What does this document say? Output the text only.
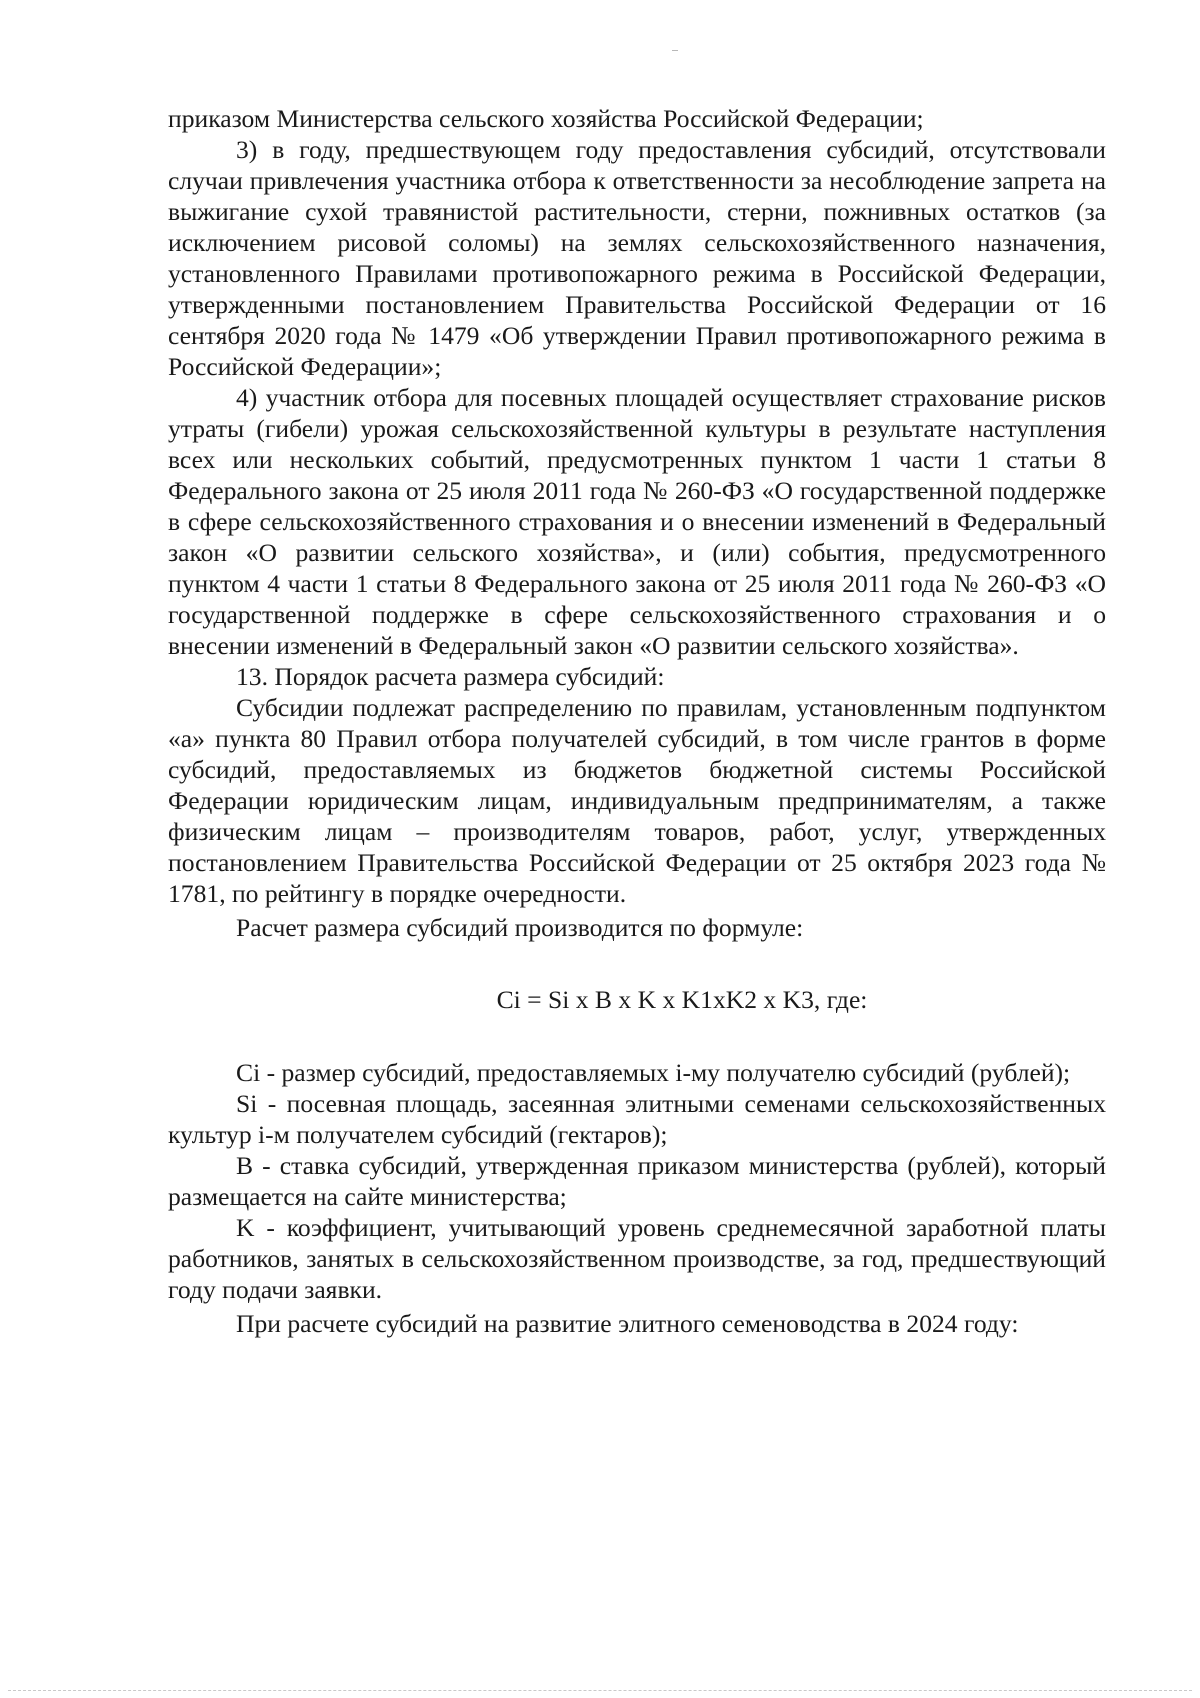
приказом Министерства сельского хозяйства Российской Федерации;

3) в году, предшествующем году предоставления субсидий, отсутствовали случаи привлечения участника отбора к ответственности за несоблюдение запрета на выжигание сухой травянистой растительности, стерни, пожнивных остатков (за исключением рисовой соломы) на землях сельскохозяйственного назначения, установленного Правилами противопожарного режима в Российской Федерации, утвержденными постановлением Правительства Российской Федерации от 16 сентября 2020 года № 1479 «Об утверждении Правил противопожарного режима в Российской Федерации»;

4) участник отбора для посевных площадей осуществляет страхование рисков утраты (гибели) урожая сельскохозяйственной культуры в результате наступления всех или нескольких событий, предусмотренных пунктом 1 части 1 статьи 8 Федерального закона от 25 июля 2011 года № 260-ФЗ «О государственной поддержке в сфере сельскохозяйственного страхования и о внесении изменений в Федеральный закон «О развитии сельского хозяйства», и (или) события, предусмотренного пунктом 4 части 1 статьи 8 Федерального закона от 25 июля 2011 года № 260-ФЗ «О государственной поддержке в сфере сельскохозяйственного страхования и о внесении изменений в Федеральный закон «О развитии сельского хозяйства».

13. Порядок расчета размера субсидий:

Субсидии подлежат распределению по правилам, установленным подпунктом «а» пункта 80 Правил отбора получателей субсидий, в том числе грантов в форме субсидий, предоставляемых из бюджетов бюджетной системы Российской Федерации юридическим лицам, индивидуальным предпринимателям, а также физическим лицам – производителям товаров, работ, услуг, утвержденных постановлением Правительства Российской Федерации от 25 октября 2023 года № 1781, по рейтингу в порядке очередности.

Расчет размера субсидий производится по формуле:

Ci = Si x B x K x K1xK2 x K3, где:

Ci - размер субсидий, предоставляемых i-му получателю субсидий (рублей);

Si - посевная площадь, засеянная элитными семенами сельскохозяйственных культур i-м получателем субсидий (гектаров);

B - ставка субсидий, утвержденная приказом министерства (рублей), который размещается на сайте министерства;

K - коэффициент, учитывающий уровень среднемесячной заработной платы работников, занятых в сельскохозяйственном производстве, за год, предшествующий году подачи заявки.

При расчете субсидий на развитие элитного семеноводства в 2024 году:
